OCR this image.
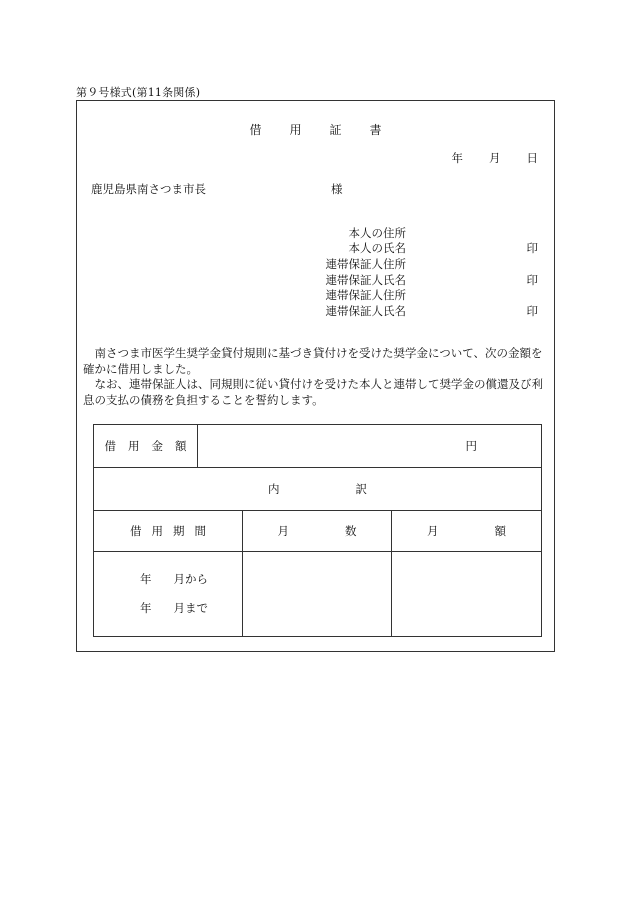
第９号様式(第11条関係)
借 用 証 書
年 月 日
鹿児島県南さつま市長	様
本人の住所
本人の氏名	印
連帯保証人住所
連帯保証人氏名	印
連帯保証人住所
連帯保証人氏名	印

南さつま市医学生奨学金貸付規則に基づき貸付けを受けた奨学金について、次の金額を確かに借用しました。

なお、連帯保証人は、同規則に従い貸付けを受けた本人と連帯して奨学金の償還及び利息の支払の債務を負担することを誓約します。

借 用 金 額	円		
内 訳			
借 用 期 間		月 数	月 額

年 月から
年 月まで			
